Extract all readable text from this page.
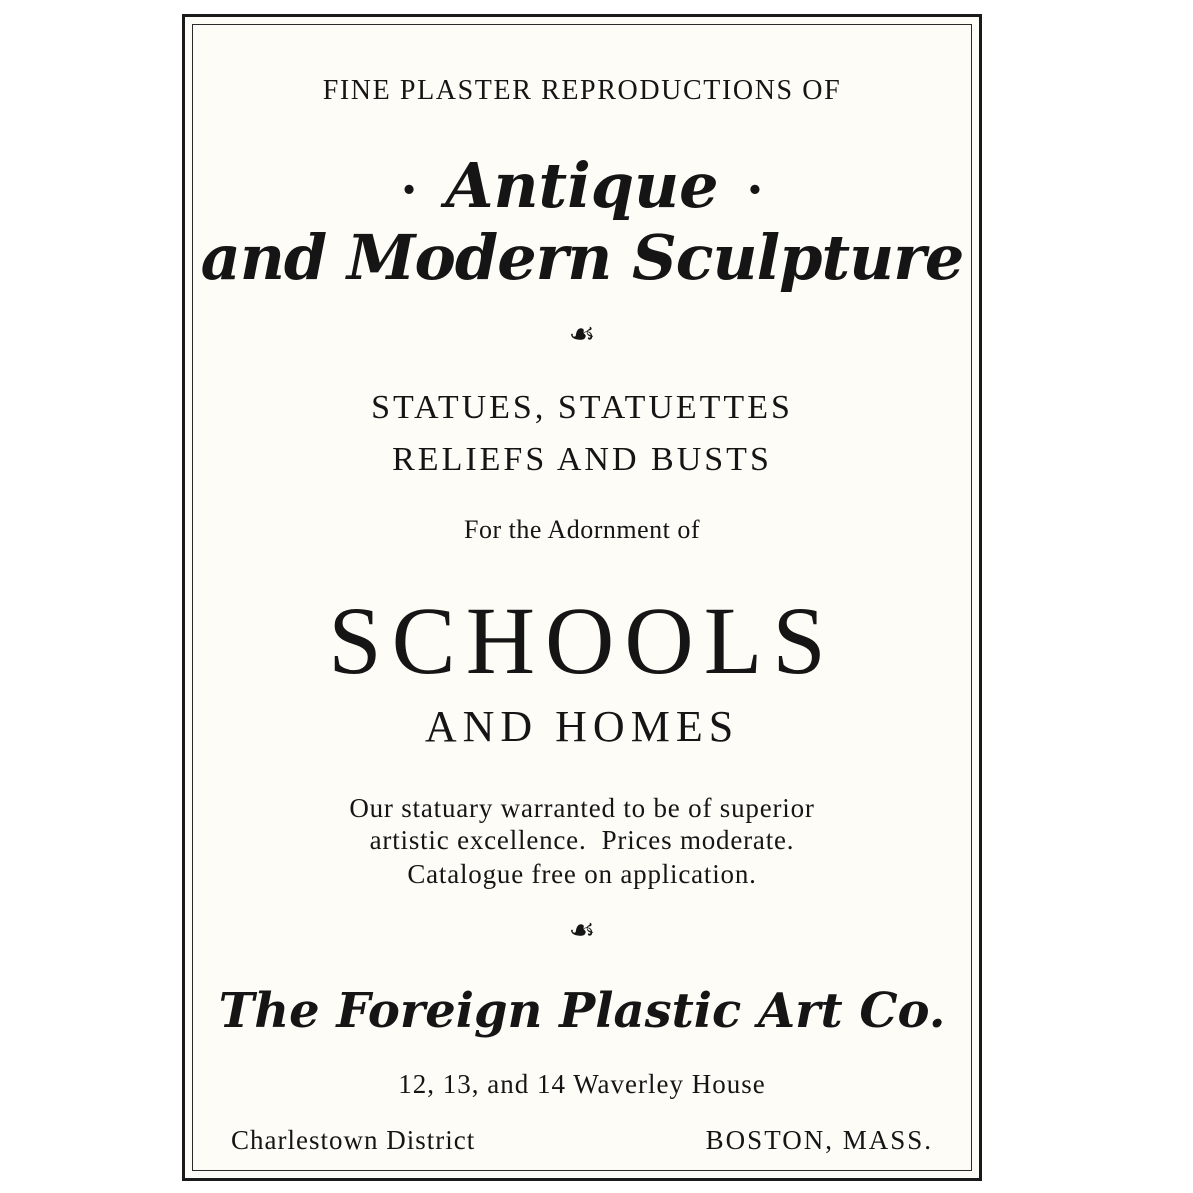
FINE PLASTER REPRODUCTIONS OF
• Antique •
and Modern Sculpture
☙
STATUES, STATUETTES
RELIEFS AND BUSTS
For the Adornment of
SCHOOLS
AND HOMES
Our statuary warranted to be of superior
artistic excellence.  Prices moderate.
Catalogue free on application.
☙
The Foreign Plastic Art Co.
12, 13, and 14 Waverley House
Charlestown District	BOSTON, MASS.
